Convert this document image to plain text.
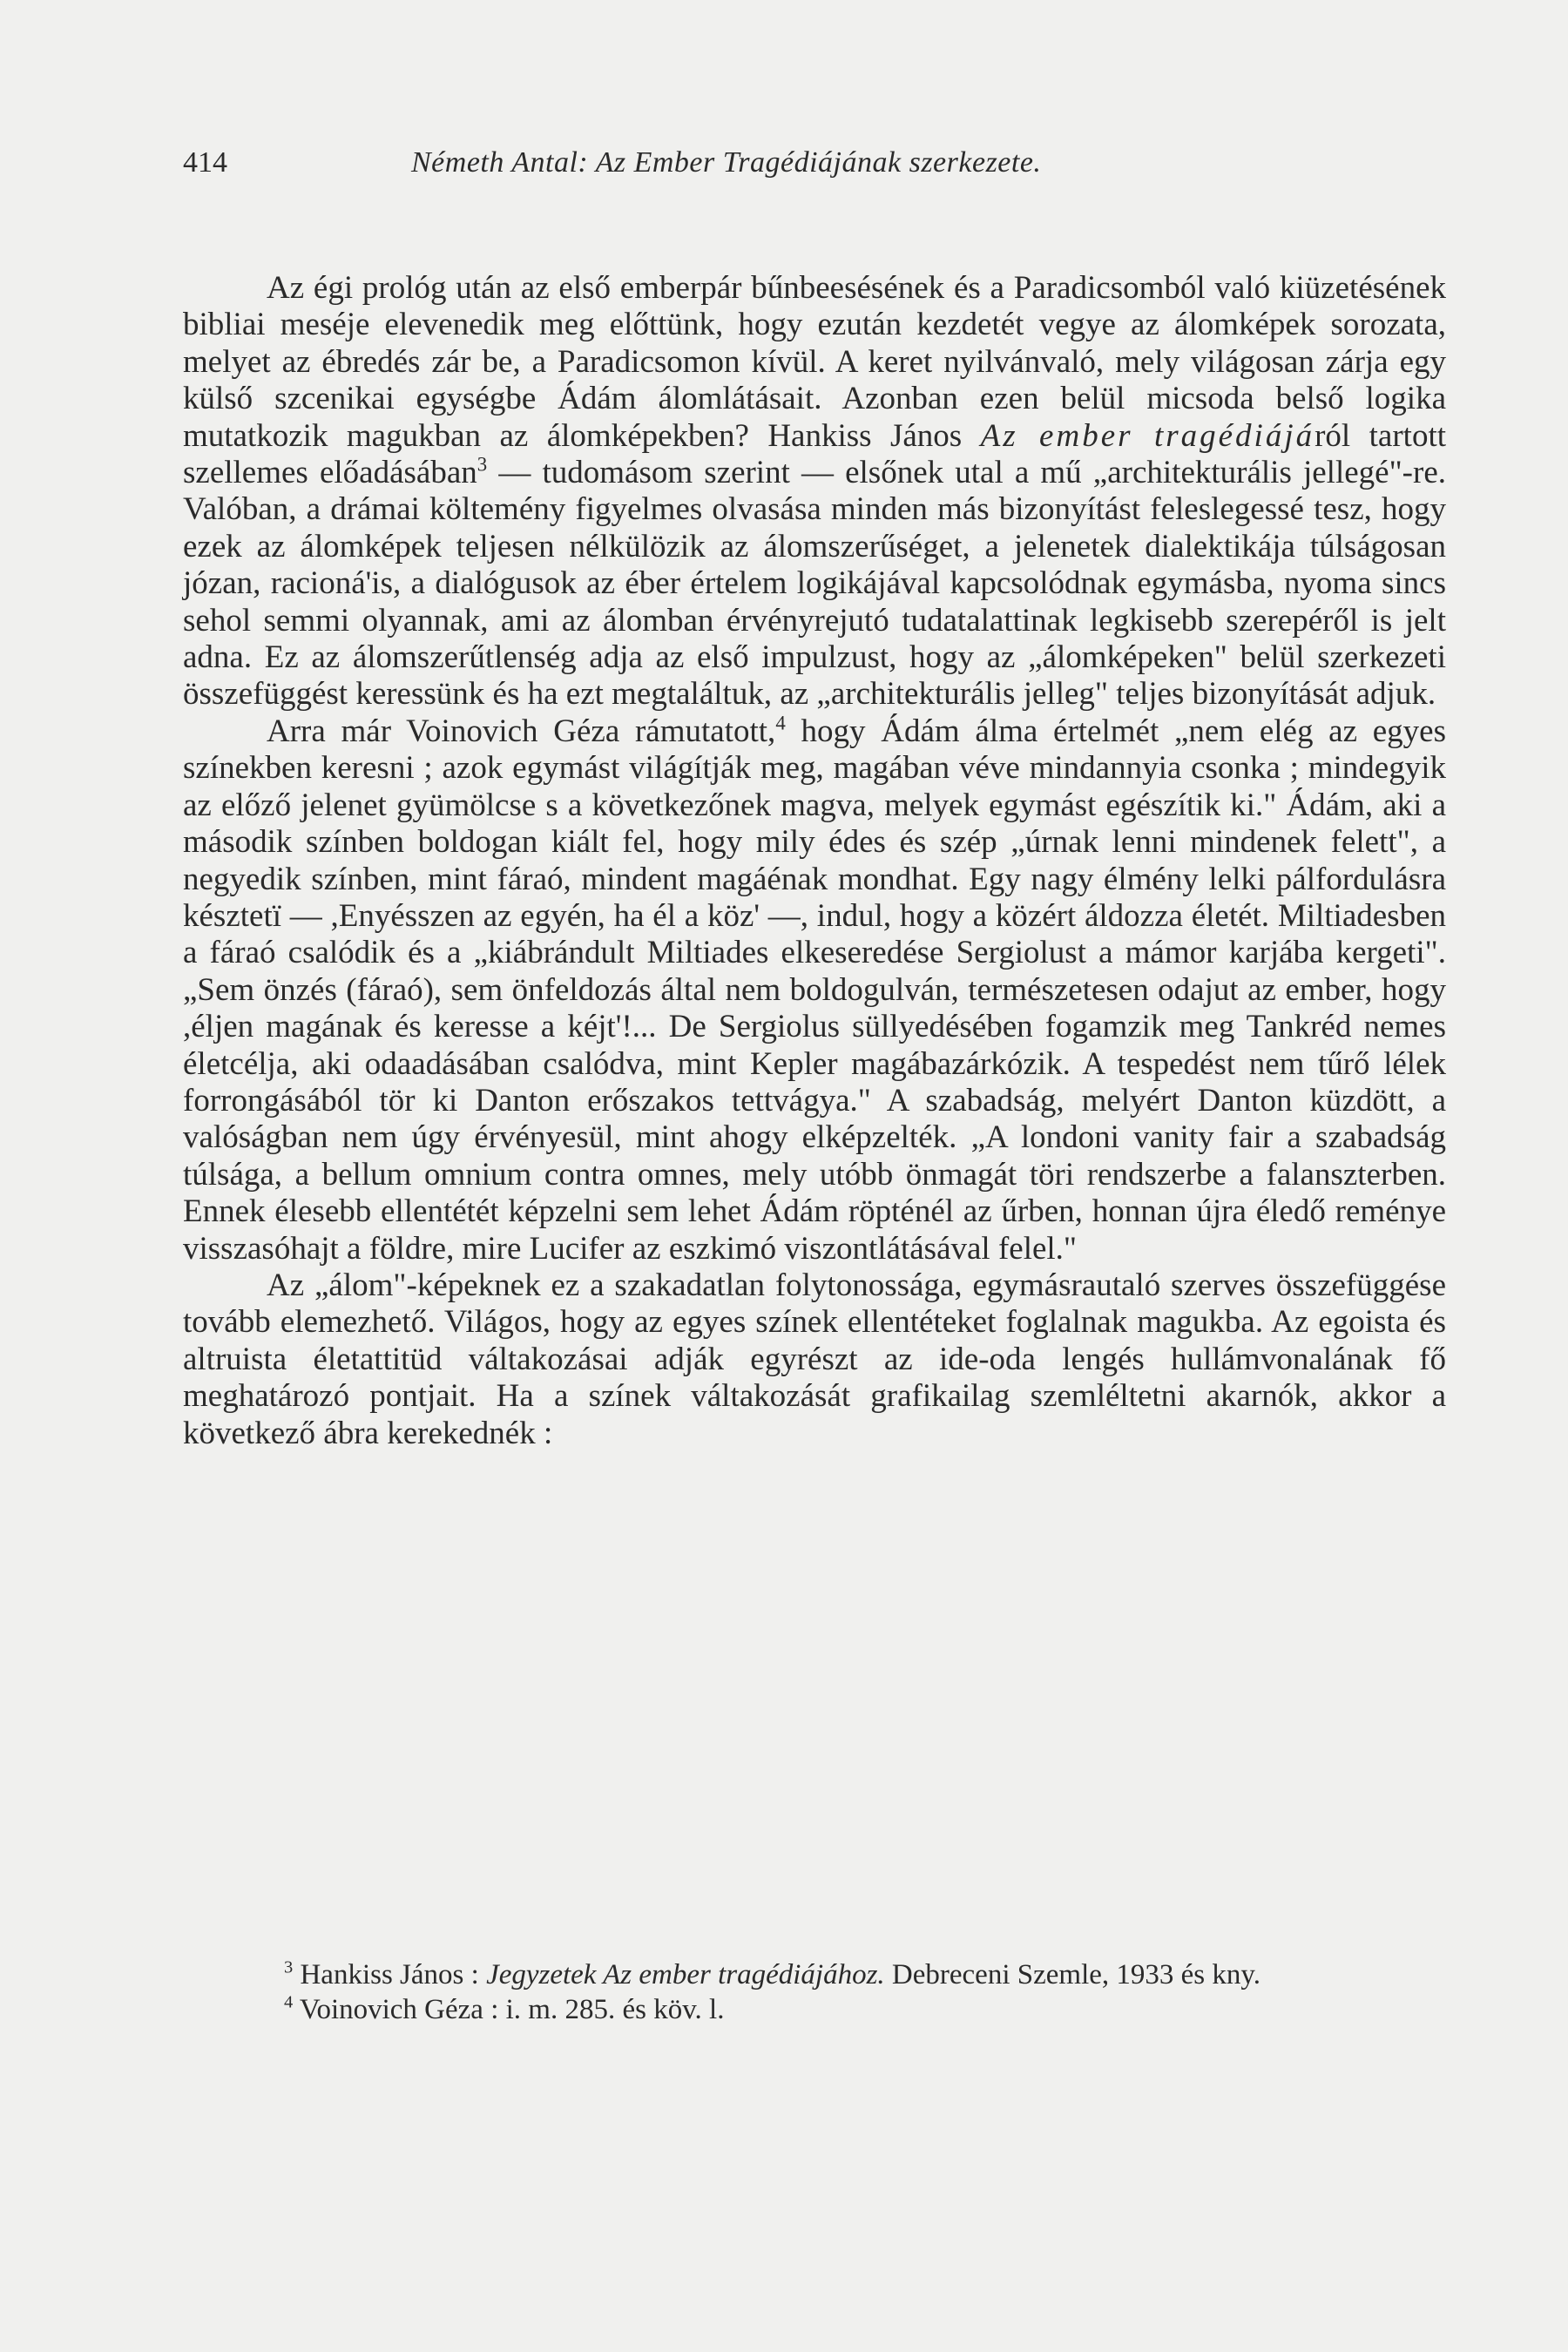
414	Németh Antal: Az Ember Tragédiájának szerkezete.

Az égi prológ után az első emberpár bűnbeesésének és a Paradicsomból való kiüzetésének bibliai meséje elevenedik meg előttünk, hogy ezután kezdetét vegye az álomképek sorozata, melyet az ébredés zár be, a Paradicsomon kívül. A keret nyilvánvaló, mely világosan zárja egy külső szcenikai egységbe Ádám álomlátásait. Azonban ezen belül micsoda belső logika mutatkozik magukban az álomképekben? Hankiss János Az ember tragédiájáról tartott szellemes előadásában$^3$ — tudomásom szerint — elsőnek utal a mű „architekturális jellegé"-re. Valóban, a drámai költemény figyelmes olvasása minden más bizonyítást feleslegessé tesz, hogy ezek az álomképek teljesen nélkülözik az álomszerűséget, a jelenetek dialektikája túlságosan józan, racioná'is, a dialógusok az éber értelem logikájával kapcsolódnak egymásba, nyoma sincs sehol semmi olyannak, ami az álomban érvényrejutó tudatalattinak legkisebb szerepéről is jelt adna. Ez az álomszerűtlenség adja az első impulzust, hogy az „álomképeken" belül szerkezeti összefüggést keressünk és ha ezt megtaláltuk, az „architekturális jelleg" teljes bizonyítását adjuk.

Arra már Voinovich Géza rámutatott,$^4$ hogy Ádám álma értelmét „nem elég az egyes színekben keresni ; azok egymást világítják meg, magában véve mindannyia csonka ; mindegyik az előző jelenet gyümölcse s a következőnek magva, melyek egymást egészítik ki." Ádám, aki a második színben boldogan kiált fel, hogy mily édes és szép „úrnak lenni mindenek felett", a negyedik színben, mint fáraó, mindent magáénak mondhat. Egy nagy élmény lelki pálfordulásra késztetï — ,Enyésszen az egyén, ha él a köz' —, indul, hogy a közért áldozza életét. Miltiadesben a fáraó csalódik és a „kiábrándult Miltiades elkeseredése Sergiolust a mámor karjába kergeti". „Sem önzés (fáraó), sem önfeldozás által nem boldogulván, természetesen odajut az ember, hogy ,éljen magának és keresse a kéjt'!... De Sergiolus süllyedésében fogamzik meg Tankréd nemes életcélja, aki odaadásában csalódva, mint Kepler magábazárkózik. A tespedést nem tűrő lélek forrongásából tör ki Danton erőszakos tettvágya." A szabadság, melyért Danton küzdött, a valóságban nem úgy érvényesül, mint ahogy elképzelték. „A londoni vanity fair a szabadság túlsága, a bellum omnium contra omnes, mely utóbb önmagát töri rendszerbe a falanszterben. Ennek élesebb ellentétét képzelni sem lehet Ádám röpténél az űrben, honnan újra éledő reménye visszasóhajt a földre, mire Lucifer az eszkimó viszontlátásával felel."

Az „álom"-képeknek ez a szakadatlan folytonossága, egymásrautaló szerves összefüggése tovább elemezhető. Világos, hogy az egyes színek ellentéteket foglalnak magukba. Az egoista és altruista életattitüd váltakozásai adják egyrészt az ide-oda lengés hullámvonalának fő meghatározó pontjait. Ha a színek váltakozását grafikailag szemléltetni akarnók, akkor a következő ábra kerekednék :

$^3$ Hankiss János : Jegyzetek Az ember tragédiájához. Debreceni Szemle, 1933 és kny.

$^4$ Voinovich Géza : i. m. 285. és köv. l.
